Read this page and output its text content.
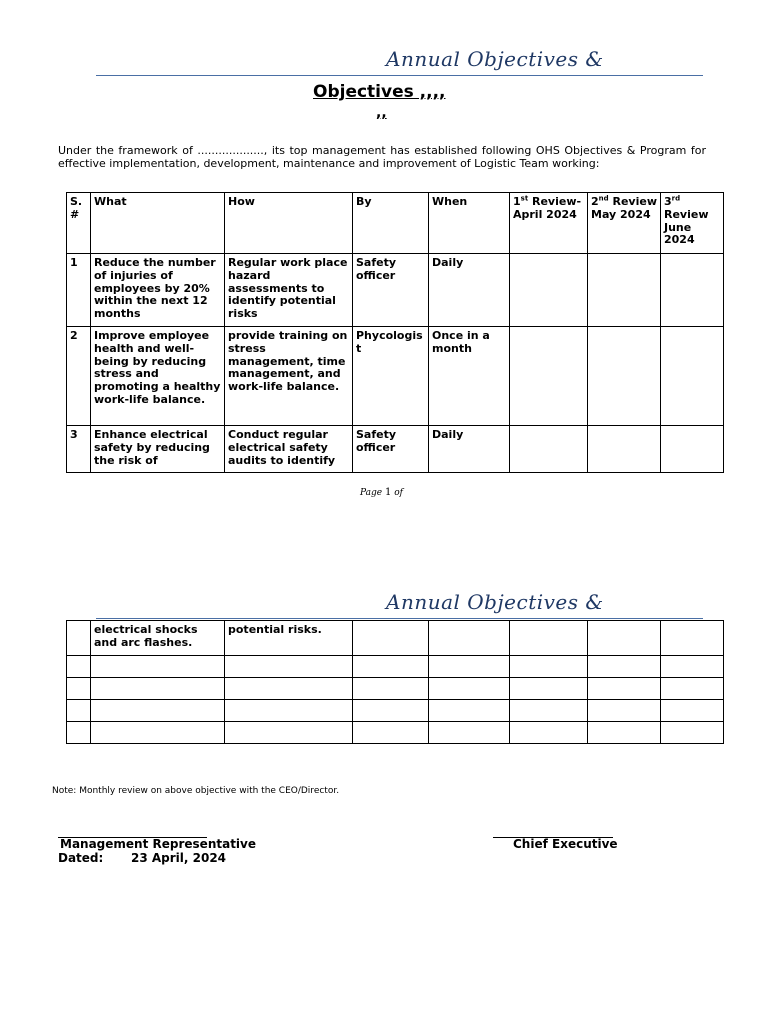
Annual Objectives &
Objectives ,,,,
,,
Under the framework of ..................., its top management has established following OHS Objectives & Program for effective implementation, development, maintenance and improvement of Logistic Team working:
S. #	What	How	By	When	1st Review- April 2024	2nd Review May 2024	3rd Review June 2024
1	Reduce the number of injuries of employees by 20% within the next 12 months	Regular work place hazard assessments to identify potential risks	Safety officer	Daily			
2	Improve employee health and well-being by reducing stress and promoting a healthy work-life balance.	provide training on stress management, time management, and work-life balance.	Phycologist	Once in a month			
3	Enhance electrical safety by reducing the risk of	Conduct regular electrical safety audits to identify	Safety officer	Daily			
Page 1 of
Annual Objectives &
	electrical shocks and arc flashes.	potential risks.					

Note: Monthly review on above objective with the CEO/Director.
Management Representative
Dated: 23 April, 2024
Chief Executive
